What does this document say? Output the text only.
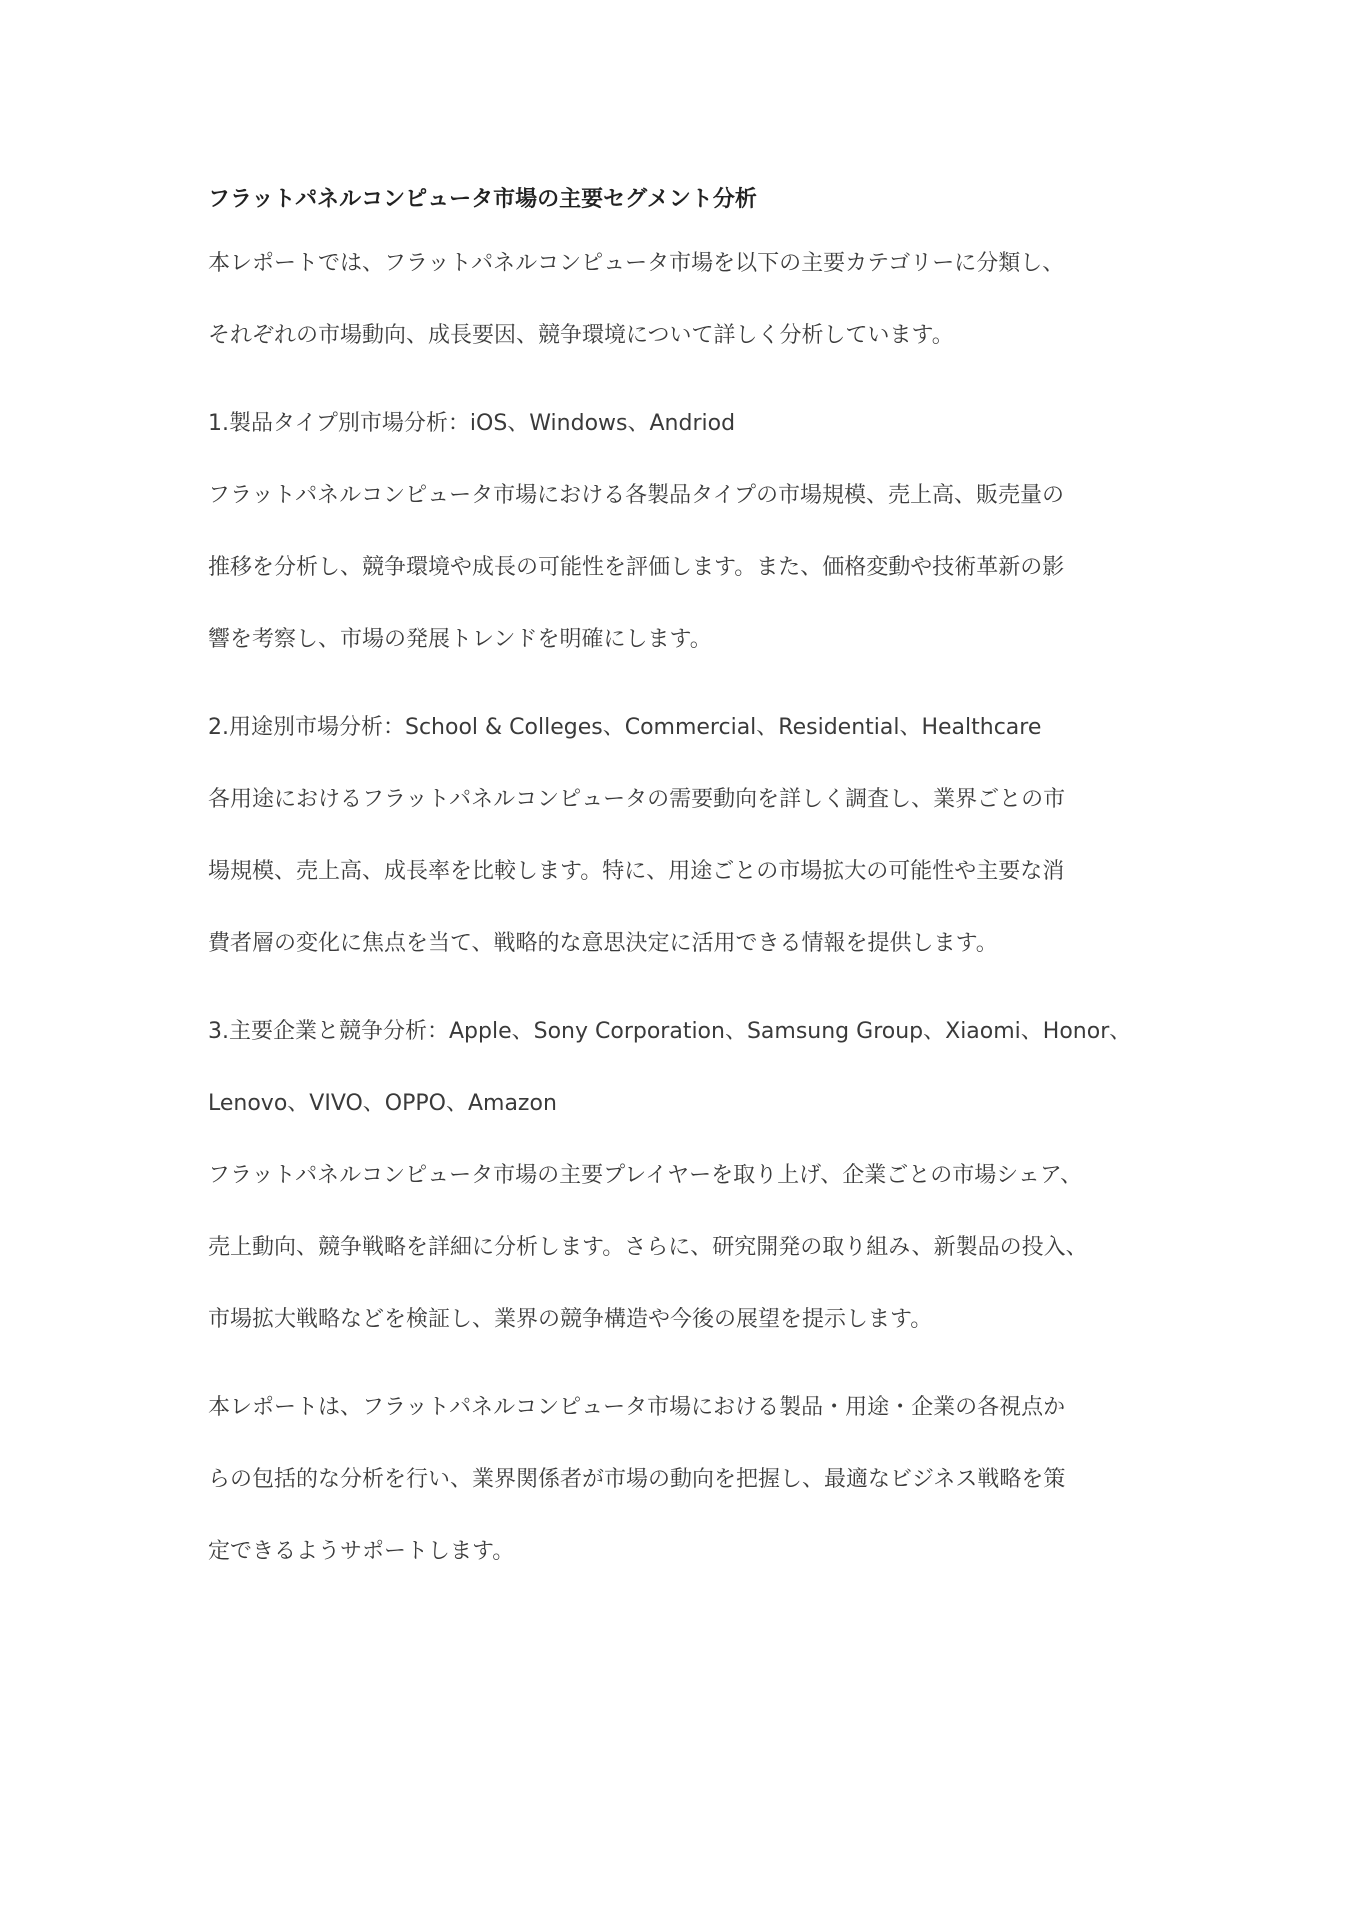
フラットパネルコンピュータ市場の主要セグメント分析
本レポートでは、フラットパネルコンピュータ市場を以下の主要カテゴリーに分類し、
それぞれの市場動向、成長要因、競争環境について詳しく分析しています。
1.製品タイプ別市場分析：iOS、Windows、Andriod
フラットパネルコンピュータ市場における各製品タイプの市場規模、売上高、販売量の
推移を分析し、競争環境や成長の可能性を評価します。また、価格変動や技術革新の影
響を考察し、市場の発展トレンドを明確にします。
2.用途別市場分析：School & Colleges、Commercial、Residential、Healthcare
各用途におけるフラットパネルコンピュータの需要動向を詳しく調査し、業界ごとの市
場規模、売上高、成長率を比較します。特に、用途ごとの市場拡大の可能性や主要な消
費者層の変化に焦点を当て、戦略的な意思決定に活用できる情報を提供します。
3.主要企業と競争分析：Apple、Sony Corporation、Samsung Group、Xiaomi、Honor、
Lenovo、VIVO、OPPO、Amazon
フラットパネルコンピュータ市場の主要プレイヤーを取り上げ、企業ごとの市場シェア、
売上動向、競争戦略を詳細に分析します。さらに、研究開発の取り組み、新製品の投入、
市場拡大戦略などを検証し、業界の競争構造や今後の展望を提示します。
本レポートは、フラットパネルコンピュータ市場における製品・用途・企業の各視点か
らの包括的な分析を行い、業界関係者が市場の動向を把握し、最適なビジネス戦略を策
定できるようサポートします。
